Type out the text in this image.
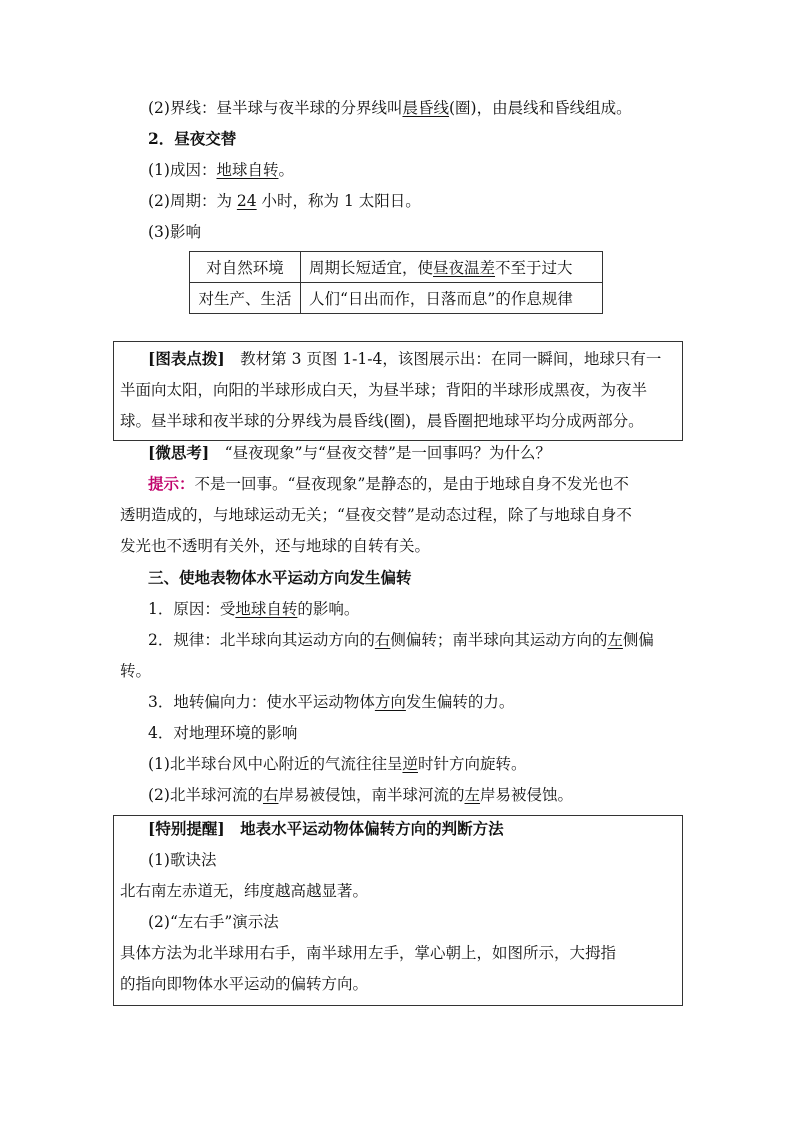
(2)界线：昼半球与夜半球的分界线叫晨昏线(圈)，由晨线和昏线组成。
2．昼夜交替
(1)成因：地球自转。
(2)周期：为 24 小时，称为 1 太阳日。
(3)影响
对自然环境	周期长短适宜，使昼夜温差不至于过大
对生产、生活	人们“日出而作，日落而息”的作息规律
[图表点拨]　教材第 3 页图 1-1-4，该图展示出：在同一瞬间，地球只有一
半面向太阳，向阳的半球形成白天，为昼半球；背阳的半球形成黑夜，为夜半
球。昼半球和夜半球的分界线为晨昏线(圈)，晨昏圈把地球平均分成两部分。
[微思考]　“昼夜现象”与“昼夜交替”是一回事吗？为什么？
提示：不是一回事。“昼夜现象”是静态的，是由于地球自身不发光也不
透明造成的，与地球运动无关；“昼夜交替”是动态过程，除了与地球自身不
发光也不透明有关外，还与地球的自转有关。
三、使地表物体水平运动方向发生偏转
1．原因：受地球自转的影响。
2．规律：北半球向其运动方向的右侧偏转；南半球向其运动方向的左侧偏
转。
3．地转偏向力：使水平运动物体方向发生偏转的力。
4．对地理环境的影响
(1)北半球台风中心附近的气流往往呈逆时针方向旋转。
(2)北半球河流的右岸易被侵蚀，南半球河流的左岸易被侵蚀。
[特别提醒]　地表水平运动物体偏转方向的判断方法
(1)歌诀法
北右南左赤道无，纬度越高越显著。
(2)“左右手”演示法
具体方法为北半球用右手，南半球用左手，掌心朝上，如图所示，大拇指
的指向即物体水平运动的偏转方向。
